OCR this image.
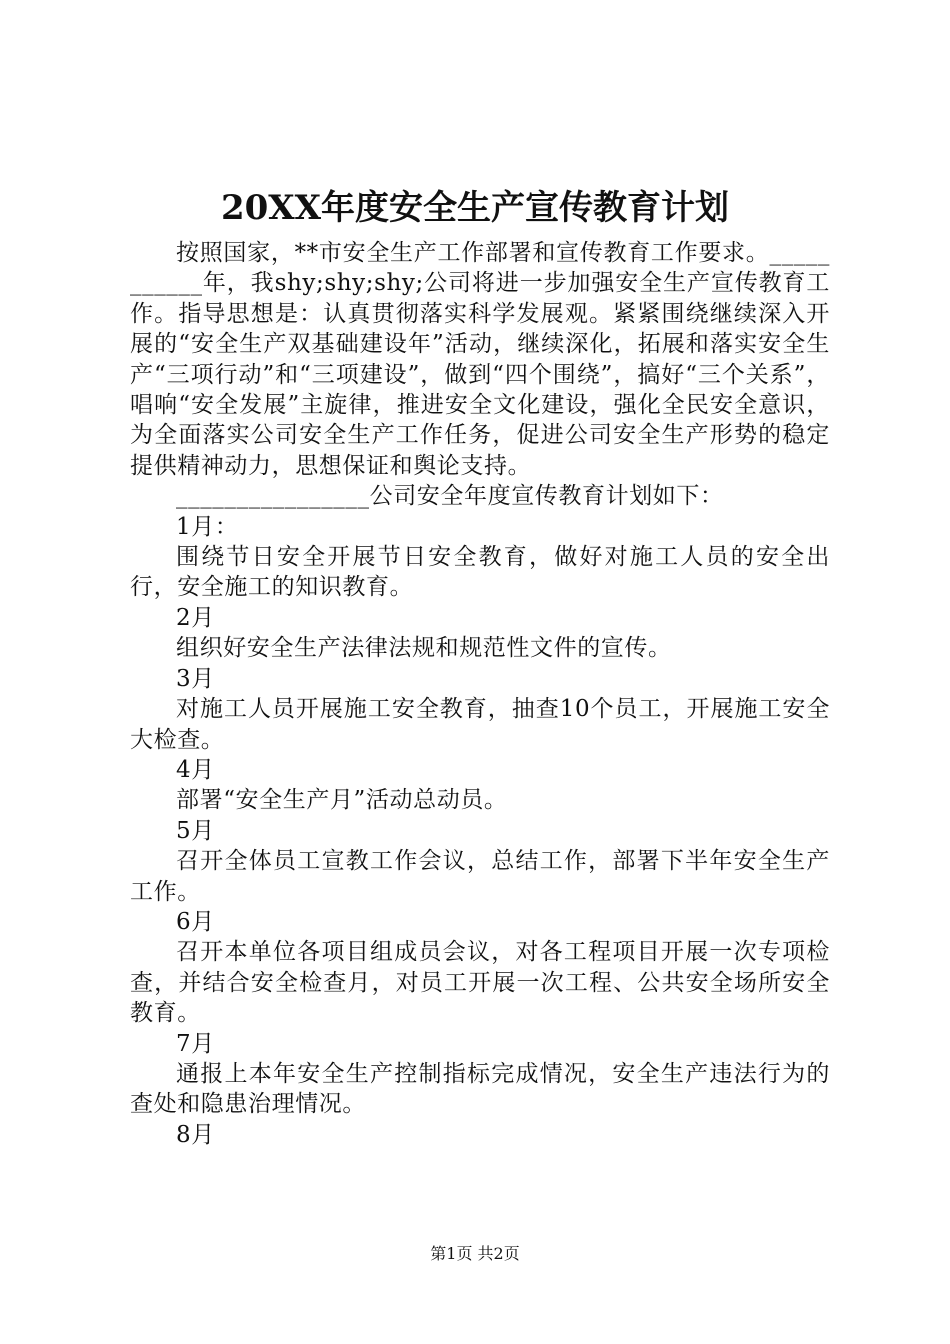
20XX年度安全生产宣传教育计划

按照国家，**市安全生产工作部署和宣传教育工作要求。___________年，我shy;shy;shy;公司将进一步加强安全生产宣传教育工作。指导思想是：认真贯彻落实科学发展观。紧紧围绕继续深入开展的“安全生产双基础建设年”活动，继续深化，拓展和落实安全生产“三项行动”和“三项建设”，做到“四个围绕”，搞好“三个关系”，唱响“安全发展”主旋律，推进安全文化建设，强化全民安全意识，为全面落实公司安全生产工作任务，促进公司安全生产形势的稳定提供精神动力，思想保证和舆论支持。

________________公司安全年度宣传教育计划如下：

1月：

围绕节日安全开展节日安全教育，做好对施工人员的安全出行，安全施工的知识教育。

2月

组织好安全生产法律法规和规范性文件的宣传。

3月

对施工人员开展施工安全教育，抽查10个员工，开展施工安全大检查。

4月

部署“安全生产月”活动总动员。

5月

召开全体员工宣教工作会议，总结工作，部署下半年安全生产工作。

6月

召开本单位各项目组成员会议，对各工程项目开展一次专项检查，并结合安全检查月，对员工开展一次工程、公共安全场所安全教育。

7月

通报上本年安全生产控制指标完成情况，安全生产违法行为的查处和隐患治理情况。

8月

第1页 共2页
